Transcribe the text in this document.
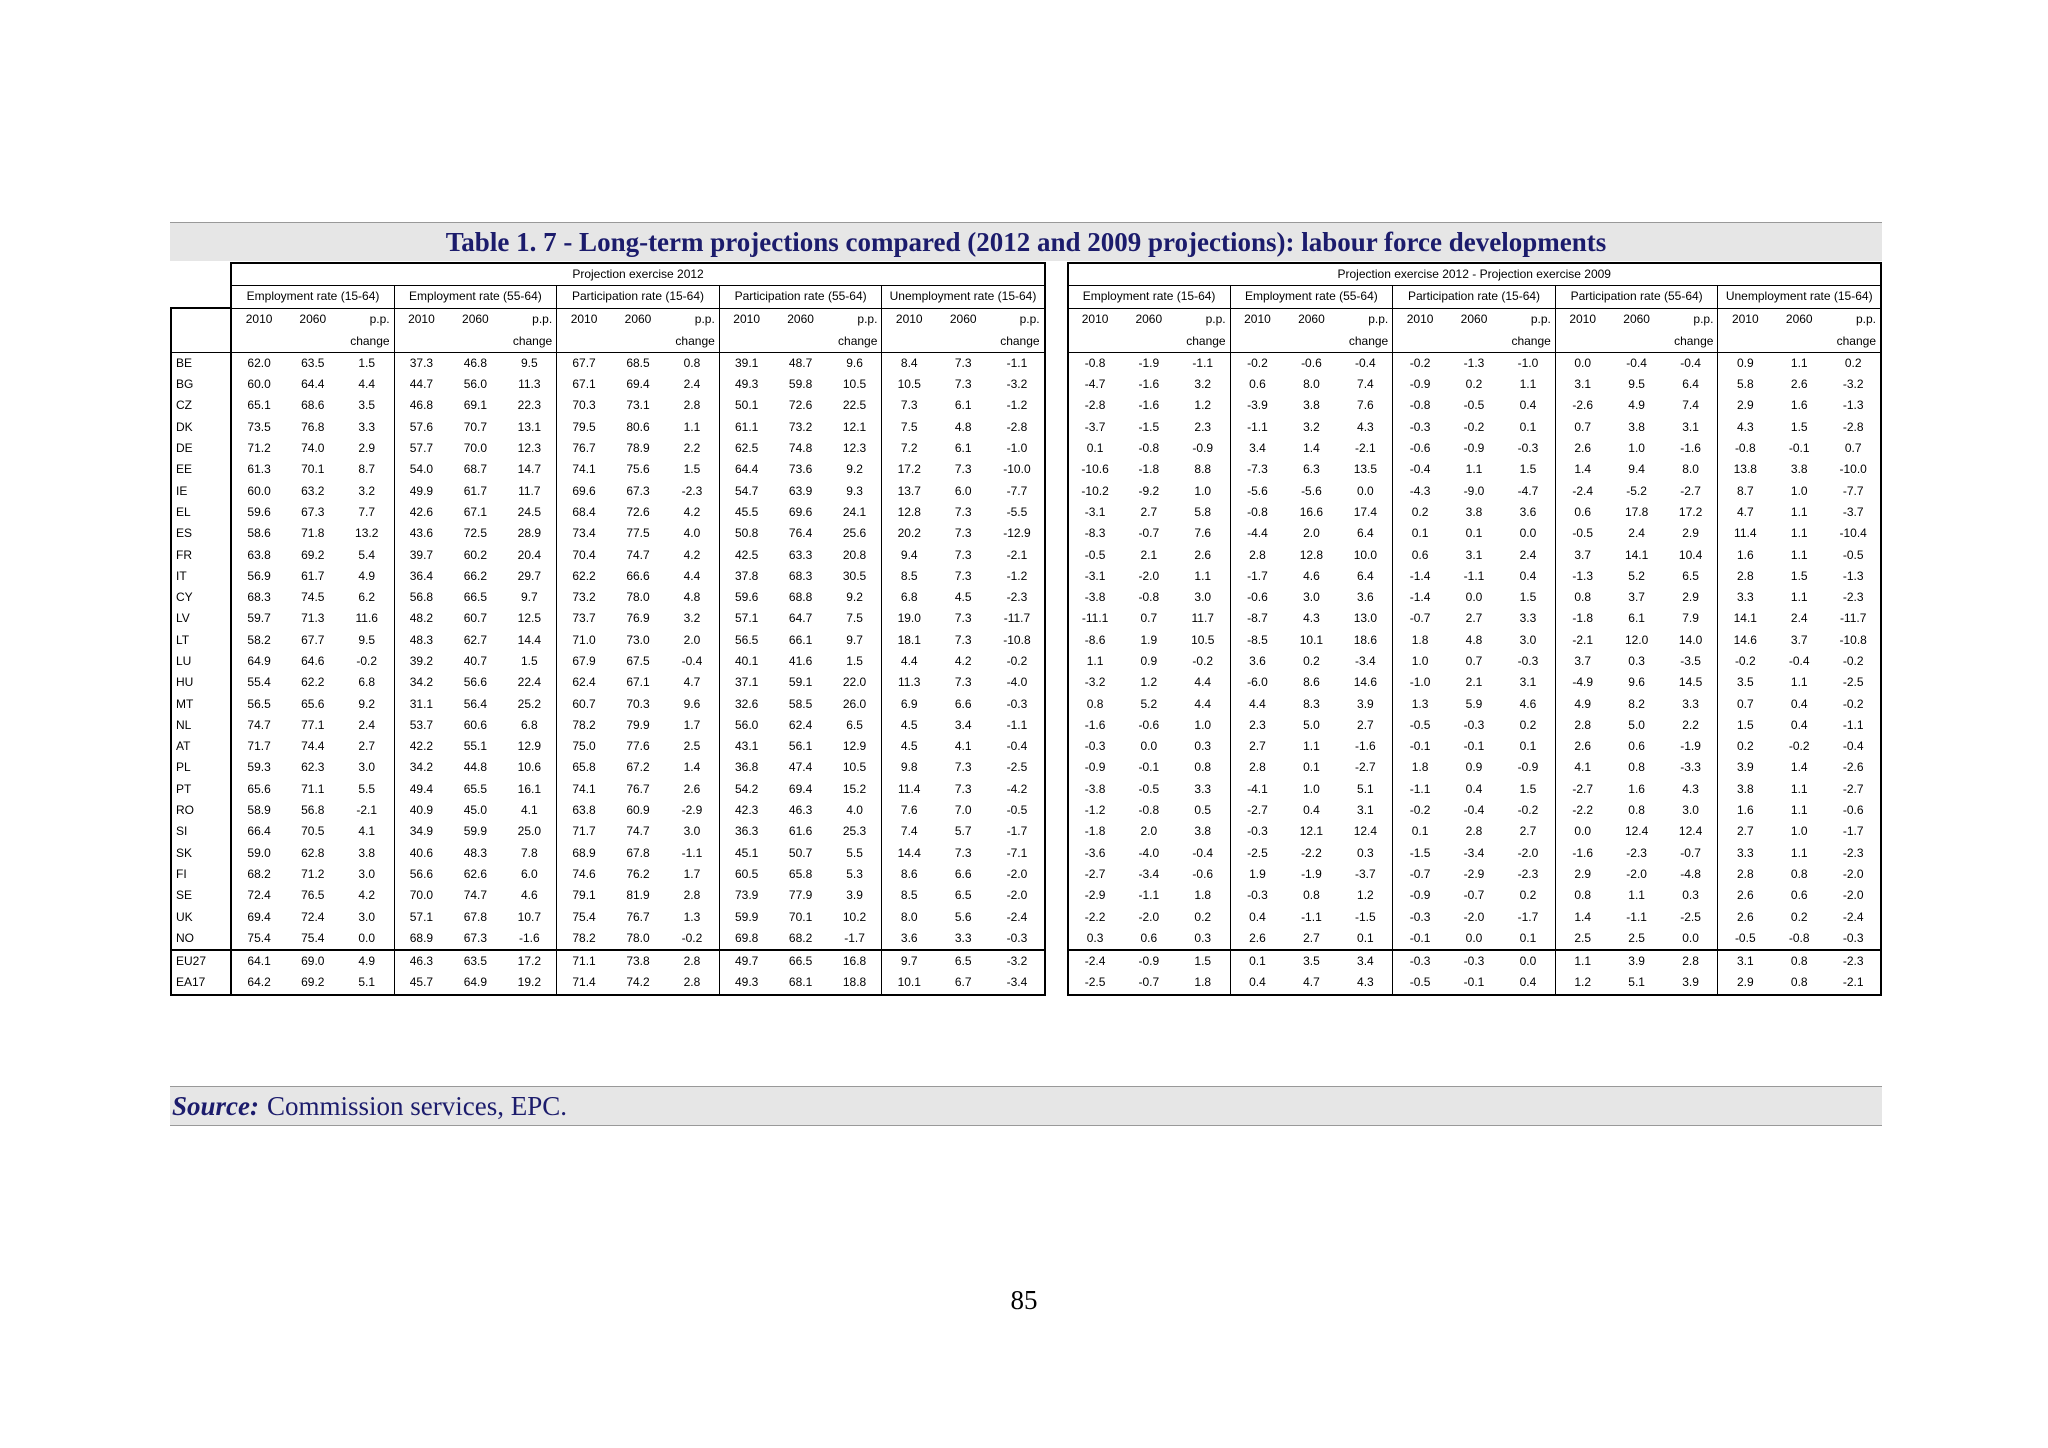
Table 1. 7 - Long-term projections compared (2012 and 2009 projections): labour force developments
	Projection exercise 2012																Projection exercise 2012 - Projection exercise 2009														
	Employment rate (15-64)			Employment rate (55-64)			Participation rate (15-64)			Participation rate (55-64)			Unemployment rate (15-64)				Employment rate (15-64)			Employment rate (55-64)			Participation rate (15-64)			Participation rate (55-64)			Unemployment rate (15-64)		
	2010	2060	p.p.	2010	2060	p.p.	2010	2060	p.p.	2010	2060	p.p.	2010	2060	p.p.		2010	2060	p.p.	2010	2060	p.p.	2010	2060	p.p.	2010	2060	p.p.	2010	2060	p.p.
			change			change			change			change			change				change			change			change			change			change
BE	62.0	63.5	1.5	37.3	46.8	9.5	67.7	68.5	0.8	39.1	48.7	9.6	8.4	7.3	-1.1		-0.8	-1.9	-1.1	-0.2	-0.6	-0.4	-0.2	-1.3	-1.0	0.0	-0.4	-0.4	0.9	1.1	0.2
BG	60.0	64.4	4.4	44.7	56.0	11.3	67.1	69.4	2.4	49.3	59.8	10.5	10.5	7.3	-3.2		-4.7	-1.6	3.2	0.6	8.0	7.4	-0.9	0.2	1.1	3.1	9.5	6.4	5.8	2.6	-3.2
CZ	65.1	68.6	3.5	46.8	69.1	22.3	70.3	73.1	2.8	50.1	72.6	22.5	7.3	6.1	-1.2		-2.8	-1.6	1.2	-3.9	3.8	7.6	-0.8	-0.5	0.4	-2.6	4.9	7.4	2.9	1.6	-1.3
DK	73.5	76.8	3.3	57.6	70.7	13.1	79.5	80.6	1.1	61.1	73.2	12.1	7.5	4.8	-2.8		-3.7	-1.5	2.3	-1.1	3.2	4.3	-0.3	-0.2	0.1	0.7	3.8	3.1	4.3	1.5	-2.8
DE	71.2	74.0	2.9	57.7	70.0	12.3	76.7	78.9	2.2	62.5	74.8	12.3	7.2	6.1	-1.0		0.1	-0.8	-0.9	3.4	1.4	-2.1	-0.6	-0.9	-0.3	2.6	1.0	-1.6	-0.8	-0.1	0.7
EE	61.3	70.1	8.7	54.0	68.7	14.7	74.1	75.6	1.5	64.4	73.6	9.2	17.2	7.3	-10.0		-10.6	-1.8	8.8	-7.3	6.3	13.5	-0.4	1.1	1.5	1.4	9.4	8.0	13.8	3.8	-10.0
IE	60.0	63.2	3.2	49.9	61.7	11.7	69.6	67.3	-2.3	54.7	63.9	9.3	13.7	6.0	-7.7		-10.2	-9.2	1.0	-5.6	-5.6	0.0	-4.3	-9.0	-4.7	-2.4	-5.2	-2.7	8.7	1.0	-7.7
EL	59.6	67.3	7.7	42.6	67.1	24.5	68.4	72.6	4.2	45.5	69.6	24.1	12.8	7.3	-5.5		-3.1	2.7	5.8	-0.8	16.6	17.4	0.2	3.8	3.6	0.6	17.8	17.2	4.7	1.1	-3.7
ES	58.6	71.8	13.2	43.6	72.5	28.9	73.4	77.5	4.0	50.8	76.4	25.6	20.2	7.3	-12.9		-8.3	-0.7	7.6	-4.4	2.0	6.4	0.1	0.1	0.0	-0.5	2.4	2.9	11.4	1.1	-10.4
FR	63.8	69.2	5.4	39.7	60.2	20.4	70.4	74.7	4.2	42.5	63.3	20.8	9.4	7.3	-2.1		-0.5	2.1	2.6	2.8	12.8	10.0	0.6	3.1	2.4	3.7	14.1	10.4	1.6	1.1	-0.5
IT	56.9	61.7	4.9	36.4	66.2	29.7	62.2	66.6	4.4	37.8	68.3	30.5	8.5	7.3	-1.2		-3.1	-2.0	1.1	-1.7	4.6	6.4	-1.4	-1.1	0.4	-1.3	5.2	6.5	2.8	1.5	-1.3
CY	68.3	74.5	6.2	56.8	66.5	9.7	73.2	78.0	4.8	59.6	68.8	9.2	6.8	4.5	-2.3		-3.8	-0.8	3.0	-0.6	3.0	3.6	-1.4	0.0	1.5	0.8	3.7	2.9	3.3	1.1	-2.3
LV	59.7	71.3	11.6	48.2	60.7	12.5	73.7	76.9	3.2	57.1	64.7	7.5	19.0	7.3	-11.7		-11.1	0.7	11.7	-8.7	4.3	13.0	-0.7	2.7	3.3	-1.8	6.1	7.9	14.1	2.4	-11.7
LT	58.2	67.7	9.5	48.3	62.7	14.4	71.0	73.0	2.0	56.5	66.1	9.7	18.1	7.3	-10.8		-8.6	1.9	10.5	-8.5	10.1	18.6	1.8	4.8	3.0	-2.1	12.0	14.0	14.6	3.7	-10.8
LU	64.9	64.6	-0.2	39.2	40.7	1.5	67.9	67.5	-0.4	40.1	41.6	1.5	4.4	4.2	-0.2		1.1	0.9	-0.2	3.6	0.2	-3.4	1.0	0.7	-0.3	3.7	0.3	-3.5	-0.2	-0.4	-0.2
HU	55.4	62.2	6.8	34.2	56.6	22.4	62.4	67.1	4.7	37.1	59.1	22.0	11.3	7.3	-4.0		-3.2	1.2	4.4	-6.0	8.6	14.6	-1.0	2.1	3.1	-4.9	9.6	14.5	3.5	1.1	-2.5
MT	56.5	65.6	9.2	31.1	56.4	25.2	60.7	70.3	9.6	32.6	58.5	26.0	6.9	6.6	-0.3		0.8	5.2	4.4	4.4	8.3	3.9	1.3	5.9	4.6	4.9	8.2	3.3	0.7	0.4	-0.2
NL	74.7	77.1	2.4	53.7	60.6	6.8	78.2	79.9	1.7	56.0	62.4	6.5	4.5	3.4	-1.1		-1.6	-0.6	1.0	2.3	5.0	2.7	-0.5	-0.3	0.2	2.8	5.0	2.2	1.5	0.4	-1.1
AT	71.7	74.4	2.7	42.2	55.1	12.9	75.0	77.6	2.5	43.1	56.1	12.9	4.5	4.1	-0.4		-0.3	0.0	0.3	2.7	1.1	-1.6	-0.1	-0.1	0.1	2.6	0.6	-1.9	0.2	-0.2	-0.4
PL	59.3	62.3	3.0	34.2	44.8	10.6	65.8	67.2	1.4	36.8	47.4	10.5	9.8	7.3	-2.5		-0.9	-0.1	0.8	2.8	0.1	-2.7	1.8	0.9	-0.9	4.1	0.8	-3.3	3.9	1.4	-2.6
PT	65.6	71.1	5.5	49.4	65.5	16.1	74.1	76.7	2.6	54.2	69.4	15.2	11.4	7.3	-4.2		-3.8	-0.5	3.3	-4.1	1.0	5.1	-1.1	0.4	1.5	-2.7	1.6	4.3	3.8	1.1	-2.7
RO	58.9	56.8	-2.1	40.9	45.0	4.1	63.8	60.9	-2.9	42.3	46.3	4.0	7.6	7.0	-0.5		-1.2	-0.8	0.5	-2.7	0.4	3.1	-0.2	-0.4	-0.2	-2.2	0.8	3.0	1.6	1.1	-0.6
SI	66.4	70.5	4.1	34.9	59.9	25.0	71.7	74.7	3.0	36.3	61.6	25.3	7.4	5.7	-1.7		-1.8	2.0	3.8	-0.3	12.1	12.4	0.1	2.8	2.7	0.0	12.4	12.4	2.7	1.0	-1.7
SK	59.0	62.8	3.8	40.6	48.3	7.8	68.9	67.8	-1.1	45.1	50.7	5.5	14.4	7.3	-7.1		-3.6	-4.0	-0.4	-2.5	-2.2	0.3	-1.5	-3.4	-2.0	-1.6	-2.3	-0.7	3.3	1.1	-2.3
FI	68.2	71.2	3.0	56.6	62.6	6.0	74.6	76.2	1.7	60.5	65.8	5.3	8.6	6.6	-2.0		-2.7	-3.4	-0.6	1.9	-1.9	-3.7	-0.7	-2.9	-2.3	2.9	-2.0	-4.8	2.8	0.8	-2.0
SE	72.4	76.5	4.2	70.0	74.7	4.6	79.1	81.9	2.8	73.9	77.9	3.9	8.5	6.5	-2.0		-2.9	-1.1	1.8	-0.3	0.8	1.2	-0.9	-0.7	0.2	0.8	1.1	0.3	2.6	0.6	-2.0
UK	69.4	72.4	3.0	57.1	67.8	10.7	75.4	76.7	1.3	59.9	70.1	10.2	8.0	5.6	-2.4		-2.2	-2.0	0.2	0.4	-1.1	-1.5	-0.3	-2.0	-1.7	1.4	-1.1	-2.5	2.6	0.2	-2.4
NO	75.4	75.4	0.0	68.9	67.3	-1.6	78.2	78.0	-0.2	69.8	68.2	-1.7	3.6	3.3	-0.3		0.3	0.6	0.3	2.6	2.7	0.1	-0.1	0.0	0.1	2.5	2.5	0.0	-0.5	-0.8	-0.3
EU27	64.1	69.0	4.9	46.3	63.5	17.2	71.1	73.8	2.8	49.7	66.5	16.8	9.7	6.5	-3.2		-2.4	-0.9	1.5	0.1	3.5	3.4	-0.3	-0.3	0.0	1.1	3.9	2.8	3.1	0.8	-2.3
EA17	64.2	69.2	5.1	45.7	64.9	19.2	71.4	74.2	2.8	49.3	68.1	18.8	10.1	6.7	-3.4		-2.5	-0.7	1.8	0.4	4.7	4.3	-0.5	-0.1	0.4	1.2	5.1	3.9	2.9	0.8	-2.1
Source: Commission services, EPC.
85
